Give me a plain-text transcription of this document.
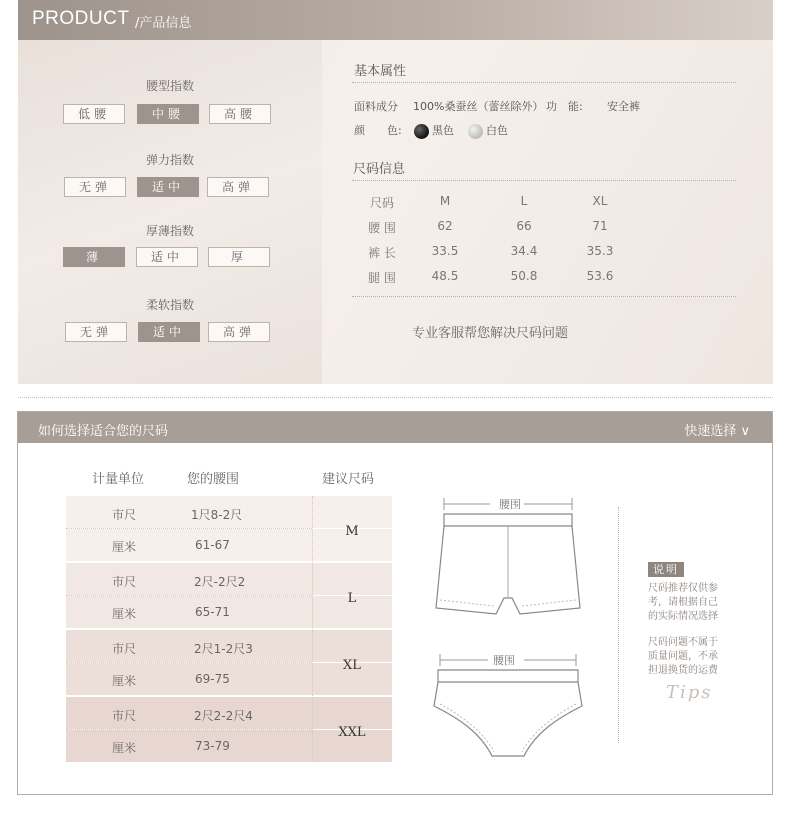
PRODUCT /产品信息
腰型指数
低腰	中腰	高腰
弹力指数
无弹	适中	高弹
厚薄指数
薄	适中	厚
柔软指数
无弹	适中	高弹
基本属性
面料成分 100%桑蚕丝（蕾丝除外） 功　能: 安全裤
颜　　色:	黑色	白色
尺码信息
尺码	M	L	XL
腰 围	62	66	71
裤 长	33.5	34.4	35.3
腿 围	48.5	50.8	53.6
专业客服帮您解决尺码问题
如何选择适合您的尺码	快速选择 ∨
计量单位	您的腰围	建议尺码
市尺	1尺8-2尺
厘米	61-67
M
市尺	2尺-2尺2
厘米	65-71
L
市尺	2尺1-2尺3
厘米	69-75
XL
市尺	2尺2-2尺4
厘米	73-79
XXL
腰围
腰围
说明
尺码推荐仅供参
考，请根据自己
的实际情况选择
尺码问题不属于
质量问题，不承
担退换货的运费
Tips
